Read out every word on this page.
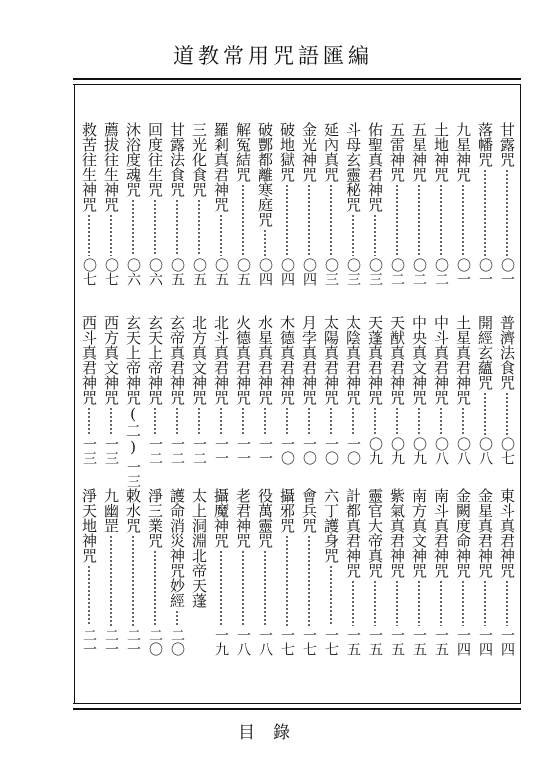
道教常用咒語匯編
甘露咒
〇一
落幡咒
〇一
九星神咒
〇一
土地神咒
〇二
五星神咒
〇二
五雷神咒
〇二
佑聖真君神咒
〇三
斗母玄靈秘咒
〇三
延內真咒
〇三
金光神咒
〇四
破地獄咒
〇四
破酆都離寒庭咒
〇四
解冤結咒
〇五
羅剎真君神咒
〇五
三光化食咒
〇五
甘露法食咒
〇五
回度往生咒
〇六
沐浴度魂咒
〇六
薦拔往生神咒
〇七
救苦往生神咒
〇七
普濟法食咒
〇七
開經玄蘊咒
〇八
土星真君神咒
〇八
中斗真君神咒
〇八
中央真文神咒
〇九
天猷真君神咒
〇九
天蓬真君神咒
〇九
太陰真君神咒
一〇
太陽真君神咒
一〇
月孛真君神咒
一〇
木德真君神咒
一〇
水星真君神咒
一一
火德真君神咒
一一
北斗真君神咒
一一
北方真文神咒
一二
玄帝真君神咒
一二
玄天上帝神咒
一二
玄天上帝神咒(二)
一三
西方真文神咒
一三
西斗真君神咒
一三
東斗真君神咒
一四
金星真君神咒
一四
金闕度命神咒
一四
南斗真君神咒
一五
南方真文神咒
一五
紫氣真君神咒
一五
靈官大帝真咒
一五
計都真君神咒
一五
六丁護身咒
一七
會兵咒
一七
攝邪咒
一七
役萬靈咒
一八
老君神咒
一八
攝魔神咒
一九
太上洞淵北帝天蓬
護命消災神咒妙經
二〇
淨三業咒
二〇
敕水咒
二一
九幽罡
二一
淨天地神咒
二一
目錄
